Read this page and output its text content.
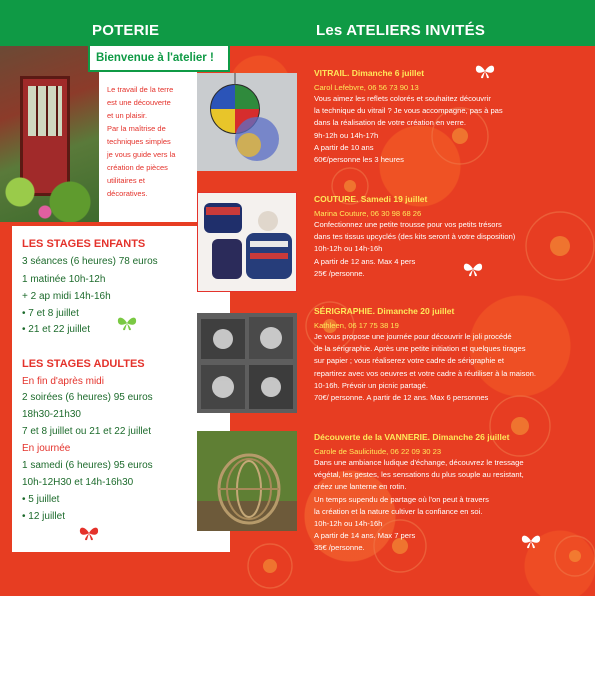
POTERIE	Les ATELIERS INVITÉS
Bienvenue à l'atelier !
Le travail de la terre
est une découverte
et un plaisir.
Par la maîtrise de
techniques simples
je vous guide vers la
création de pièces
utilitaires et
décoratives.
LES STAGES ENFANTS
3 séances (6 heures) 78 euros
1 matinée 10h-12h
+ 2 ap midi 14h-16h
• 7 et 8 juillet
• 21 et 22 juillet
LES STAGES ADULTES
En fin d'après midi
2 soirées (6 heures) 95 euros
18h30-21h30
7 et 8 juillet ou 21 et 22 juillet
En journée
1 samedi (6 heures) 95 euros
10h-12H30 et 14h-16h30
• 5 juillet
• 12 juillet
VITRAIL. Dimanche 6 juillet
Carol Lefebvre, 06 56 73 90 13
Vous aimez les reflets colorés et souhaitez découvrir
la technique du vitrail ? Je vous accompagne, pas à pas
dans la réalisation de votre création en verre.
9h-12h ou 14h-17h
A partir de 10 ans
60€/personne les 3 heures
COUTURE. Samedi 19 juillet
Marina Couture, 06 30 98 68 26
Confectionnez une petite trousse pour vos petits trésors
dans tes tissus upcyclés (des kits seront à votre disposition)
10h-12h ou 14h-16h
A partir de 12 ans. Max 4 pers
25€ /personne.
SÉRIGRAPHIE. Dimanche 20 juillet
Kathleen, 06 17 75 38 19
Je vous propose une journée pour découvrir le joli procédé
de la sérigraphie. Après une petite initiation et quelques tirages
sur papier ; vous réaliserez votre cadre de sérigraphie et
repartirez avec vos oeuvres et votre cadre à réutiliser à la maison.
10-16h. Prévoir un picnic partagé.
70€/ personne. A partir de 12 ans. Max 6 personnes
Découverte de la VANNERIE. Dimanche 26 juillet
Carole de Saulicitude, 06 22 09 30 23
Dans une ambiance ludique d'échange, découvrez le tressage
végétal, les gestes, les sensations du plus souple au resistant,
créez une lanterne en rotin.
Un temps supendu de partage où l'on peut à travers
la création et la nature cultiver la confiance en soi.
10h-12h ou 14h-16h
A partir de 14 ans. Max 7 pers
35€ /personne.
